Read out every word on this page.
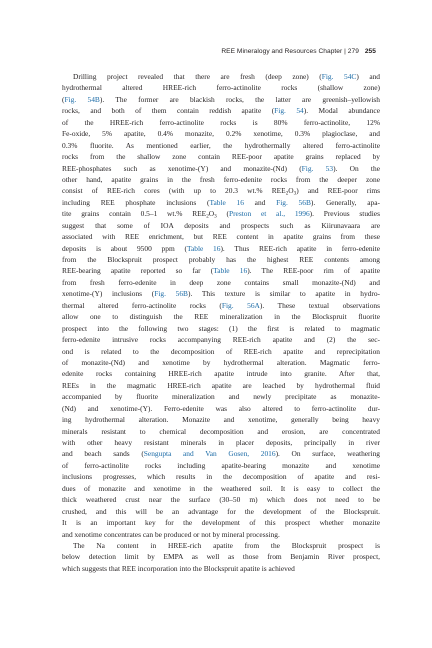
REE Mineralogy and Resources Chapter | 279 255
Drilling project revealed that there are fresh (deep zone) (Fig. 54C) and
hydrothermal altered HREE-rich ferro-actinolite rocks (shallow zone)
(Fig. 54B). The former are blackish rocks, the latter are greenish–yellowish
rocks, and both of them contain reddish apatite (Fig. 54). Modal abundance
of the HREE-rich ferro-actinolite rocks is 80% ferro-actinolite, 12%
Fe-oxide, 5% apatite, 0.4% monazite, 0.2% xenotime, 0.3% plagioclase, and
0.3% fluorite. As mentioned earlier, the hydrothermally altered ferro-actinolite
rocks from the shallow zone contain REE-poor apatite grains replaced by
REE-phosphates such as xenotime-(Y) and monazite-(Nd) (Fig. 53). On the
other hand, apatite grains in the fresh ferro-edenite rocks from the deeper zone
consist of REE-rich cores (with up to 20.3 wt.% $REE_2O_3$) and REE-poor rims
including REE phosphate inclusions (Table 16 and Fig. 56B). Generally, apa-
tite grains contain 0.5–1 wt.% $REE_2O_3$ (Preston et al., 1996). Previous studies
suggest that some of IOA deposits and prospects such as Kiirunavaara are
associated with REE enrichment, but REE content in apatite grains from these
deposits is about 9500 ppm (Table 16). Thus REE-rich apatite in ferro-edenite
from the Blockspruit prospect probably has the highest REE contents among
REE-bearing apatite reported so far (Table 16). The REE-poor rim of apatite
from fresh ferro-edenite in deep zone contains small monazite-(Nd) and
xenotime-(Y) inclusions (Fig. 56B). This texture is similar to apatite in hydro-
thermal altered ferro-actinolite rocks (Fig. 56A). These textual observations
allow one to distinguish the REE mineralization in the Blockspruit fluorite
prospect into the following two stages: (1) the first is related to magmatic
ferro-edenite intrusive rocks accompanying REE-rich apatite and (2) the sec-
ond is related to the decomposition of REE-rich apatite and reprecipitation
of monazite-(Nd) and xenotime by hydrothermal alteration. Magmatic ferro-
edenite rocks containing HREE-rich apatite intrude into granite. After that,
REEs in the magmatic HREE-rich apatite are leached by hydrothermal fluid
accompanied by fluorite mineralization and newly precipitate as monazite-
(Nd) and xenotime-(Y). Ferro-edenite was also altered to ferro-actinolite dur-
ing hydrothermal alteration. Monazite and xenotime, generally being heavy
minerals resistant to chemical decomposition and erosion, are concentrated
with other heavy resistant minerals in placer deposits, principally in river
and beach sands (Sengupta and Van Gosen, 2016). On surface, weathering
of ferro-actinolite rocks including apatite-bearing monazite and xenotime
inclusions progresses, which results in the decomposition of apatite and resi-
dues of monazite and xenotime in the weathered soil. It is easy to collect the
thick weathered crust near the surface (30–50 m) which does not need to be
crushed, and this will be an advantage for the development of the Blockspruit.
It is an important key for the development of this prospect whether monazite
and xenotime concentrates can be produced or not by mineral processing.
The Na content in HREE-rich apatite from the Blockspruit prospect is
below detection limit by EMPA as well as those from Benjamin River prospect,
which suggests that REE incorporation into the Blockspruit apatite is achieved
